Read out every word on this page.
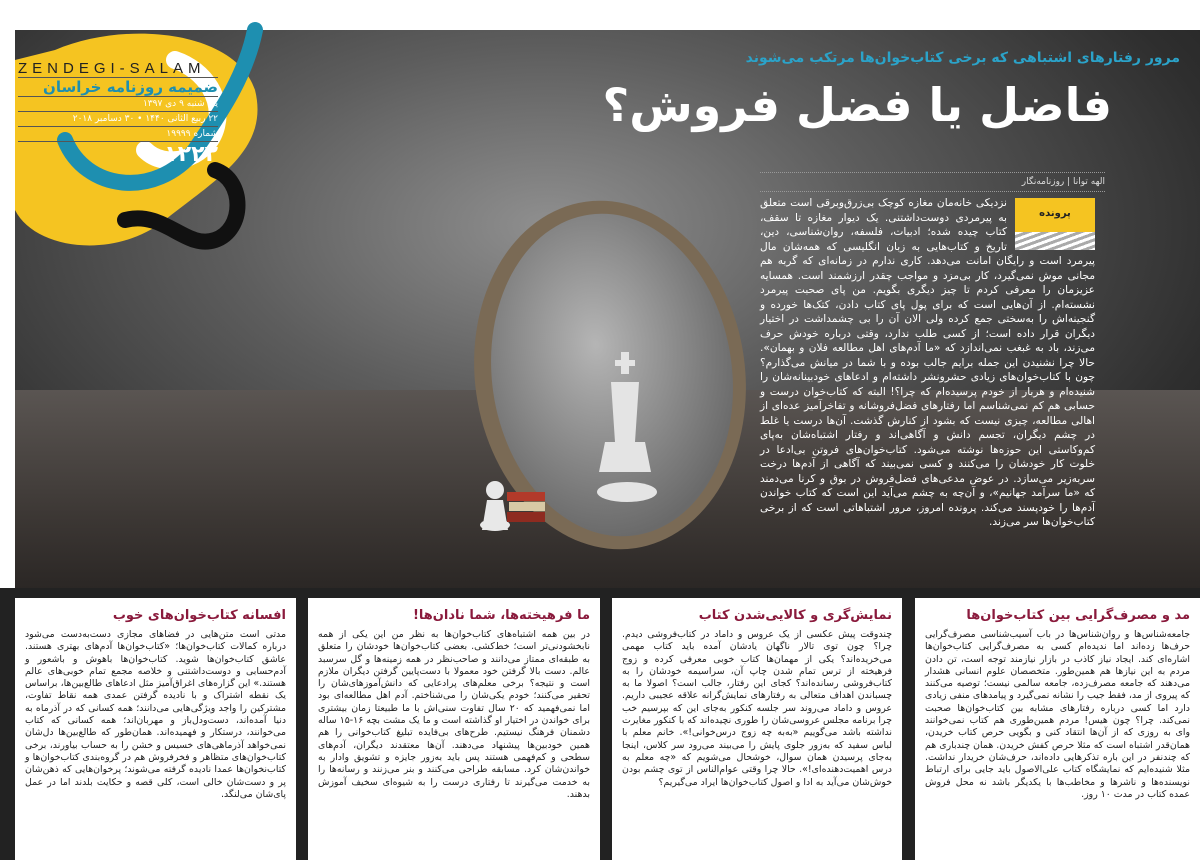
ZENDEGI-SALAM
ضمیمه روزنامه خراسان
یک شنبه ۹ دی ۱۳۹۷
۲۲ ربیع الثانی ۱۴۴۰ • ۳۰ دسامبر ۲۰۱۸
شماره ۱۹۹۹۹
۱۲۲۲
مرور رفتارهای اشتباهی که برخی کتاب‌خوان‌ها مرتکب می‌شوند
فاضل یا فضل فروش؟
الهه توانا | روزنامه‌نگار
پرونده
نزدیکی خانه‌مان مغازه کوچک بی‌زرق‌وبرقی است متعلق به پیرمردی دوست‌داشتنی. یک دیوار مغازه تا سقف، کتاب چیده شده؛ ادبیات، فلسفه، روان‌شناسی، دین، تاریخ و کتاب‌هایی به زبان انگلیسی که همه‌شان مال پیرمرد است و رایگان امانت می‌دهد. کاری ندارم در زمانه‌ای که گربه هم مجانی موش نمی‌گیرد، کار بی‌مزد و مواجب چقدر ارزشمند است. همسایه عزیزمان را معرفی کردم تا چیز دیگری بگویم. من پای صحبت پیرمرد نشسته‌ام. از آن‌هایی است که برای پول پای کتاب دادن، کتک‌ها خورده و گنجینه‌اش را به‌سختی جمع کرده ولی الان آن را بی چشمداشت در اختیار دیگران قرار داده است؛ از کسی طلب ندارد، وقتی درباره خودش حرف می‌زند، باد به غبغب نمی‌اندازد که «ما آدم‌های اهل مطالعه فلان و بهمان». حالا چرا نشنیدن این جمله برایم جالب بوده و با شما در میانش می‌گذارم؟ چون با کتاب‌خوان‌های زیادی حشرونشر داشته‌ام و ادعاهای خودبینانه‌شان را شنیده‌ام و هربار از خودم پرسیده‌ام که چرا؟! البته که کتاب‌خوان درست و حسابی هم کم نمی‌شناسم اما رفتارهای فضل‌فروشانه و تفاخرآمیز عده‌ای از اهالی مطالعه، چیزی نیست که بشود از کنارش گذشت. آن‌ها درست یا غلط در چشم دیگران، تجسم دانش و آگاهی‌اند و رفتار اشتباه‌شان به‌پای کم‌وکاستی این حوزه‌ها نوشته می‌شود. کتاب‌خوان‌های فروتن بی‌ادعا در خلوت کار خودشان را می‌کنند و کسی نمی‌بیند که آگاهی از آدم‌ها درخت سربه‌زیر می‌سازد. در عوض مدعی‌های فضل‌فروش در بوق و کرنا می‌دمند که «ما سرآمد جهانیم»، و آن‌چه به چشم می‌آید این است که کتاب خواندن آدم‌ها را خودپسند می‌کند. پرونده امروز، مرور اشتباهاتی است که از برخی کتاب‌خوان‌ها سر می‌زند.
مد و مصرف‌گرایی بین کتاب‌خوان‌ها

جامعه‌شناس‌ها و روان‌شناس‌ها در باب آسیب‌شناسی مصرف‌گرایی حرف‌ها زده‌اند اما ندیده‌ام کسی به مصرف‌گرایی کتاب‌خوان‌ها اشاره‌ای کند. ایجاد نیاز کاذب در بازار نیازمند توجه است، تن دادن مردم به این نیازها هم همین‌طور. متخصصان علوم انسانی هشدار می‌دهند که جامعه مصرف‌زده، جامعه سالمی نیست؛ توصیه می‌کنند که پیروی از مد، فقط جیب را نشانه نمی‌گیرد و پیامدهای منفی زیادی دارد اما کسی درباره رفتارهای مشابه بین کتاب‌خوان‌ها صحبت نمی‌کند. چرا؟ چون هیس! مردم همین‌طوری هم کتاب نمی‌خوانند وای به روزی که از آن‌ها انتقاد کنی و بگویی حرص کتاب خریدن، همان‌قدر اشتباه است که مثلا حرص کفش خریدن. همان چندباری هم که چندنفر در این باره تذکرهایی داده‌اند، حرف‌شان خریدار نداشت. مثلا شنیده‌ایم که نمایشگاه کتاب علی‌الاصول باید جایی برای ارتباط نویسنده‌ها و ناشرها و مخاطب‌ها با یکدیگر باشد نه محل فروش عمده کتاب در مدت ۱۰ روز.

نمایش‌گری و کالایی‌شدن کتاب

چندوقت پیش عکسی از یک عروس و داماد در کتاب‌فروشی دیدم. چرا؟ چون توی تالار ناگهان یادشان آمده باید کتاب مهمی می‌خریده‌اند؟ یکی از مهمان‌ها کتاب خوبی معرفی کرده و زوج فرهیخته از ترس تمام شدن چاپ آن، سراسیمه خودشان را به کتاب‌فروشی رسانده‌اند؟ کجای این رفتار، جالب است؟ اصولا ما به چسباندن اهداف متعالی به رفتارهای نمایش‌گرانه علاقه عجیبی داریم. عروس و داماد می‌روند سر جلسه کنکور به‌جای این که بپرسیم خب چرا برنامه مجلس عروسی‌شان را طوری نچیده‌اند که با کنکور مغایرت نداشته باشد می‌گوییم «به‌به چه زوج درس‌خوانی!». خانم معلم با لباس سفید که به‌زور جلوی پایش را می‌بیند می‌رود سر کلاس، اینجا به‌جای پرسیدن همان سوال، خوشحال می‌شویم که «چه معلم به درس اهمیت‌دهنده‌ای!». حالا چرا وقتی عوام‌الناس از توی چشم بودن خوش‌شان می‌آید به ادا و اصول کتاب‌خوان‌ها ایراد می‌گیریم؟

ما فرهیخته‌ها، شما نادان‌ها!

در بین همه اشتباه‌های کتاب‌خوان‌ها به نظر من این یکی از همه نابخشودنی‌تر است؛ خط‌کشی. بعضی کتاب‌خوان‌ها خودشان را متعلق به طبقه‌ای ممتاز می‌دانند و صاحب‌نظر در همه زمینه‌ها و گل سرسبد عالم. دست بالا گرفتن خود معمولا با دست‌پایین گرفتن دیگران ملازم است و نتیجه؟ برخی معلم‌های پرادعایی که دانش‌آموزهای‌شان را تحقیر می‌کنند؛ خودم یکی‌شان را می‌شناختم. آدم اهل مطالعه‌ای بود اما نمی‌فهمید که ۲۰ سال تفاوت سنی‌اش با ما طبیعتا زمان بیشتری برای خواندن در اختیار او گذاشته است و ما یک مشت بچه ۱۶-۱۵ ساله دشمنان فرهنگ نیستیم. طرح‌های بی‌فایده تبلیغ کتاب‌خوانی را هم همین خودبین‌ها پیشنهاد می‌دهند. آن‌ها معتقدند دیگران، آدم‌های سطحی و کم‌فهمی هستند پس باید به‌زور جایزه و تشویق وادار به خواندن‌شان کرد. مسابقه طراحی می‌کنند و بنر می‌زنند و رسانه‌ها را به خدمت می‌گیرند تا رفتاری درست را به شیوه‌ای سخیف آموزش بدهند.

افسانه کتاب‌خوان‌های خوب

مدتی است متن‌هایی در فضاهای مجازی دست‌به‌دست می‌شود درباره کمالات کتاب‌خوان‌ها؛ «کتاب‌خوان‌ها آدم‌های بهتری هستند. عاشق کتاب‌خوان‌ها شوید. کتاب‌خوان‌ها باهوش و باشعور و آدم‌حسابی و دوست‌داشتنی و خلاصه مجمع تمام خوبی‌های عالم هستند.» این گزاره‌های اغراق‌آمیز مثل ادعاهای طالع‌بین‌ها، براساس یک نقطه اشتراک و با نادیده گرفتن عمدی همه نقاط تفاوت، مشترکین را واجد ویژگی‌هایی می‌دانند؛ همه کسانی که در آذرماه به دنیا آمده‌اند، دست‌ودل‌باز و مهربان‌اند؛ همه کسانی که کتاب می‌خوانند، درستکار و فهمیده‌اند. همان‌طور که طالع‌بین‌ها دل‌شان نمی‌خواهد آذرماهی‌های خسیس و خشن را به حساب بیاورند، برخی کتاب‌خوان‌های متظاهر و فخرفروش هم در گروه‌بندی کتاب‌خوان‌ها و کتاب‌نخوان‌ها عمدا نادیده گرفته می‌شوند؛ پرخوان‌هایی که ذهن‌شان پر و دست‌شان خالی است، کلی قصه و حکایت بلدند اما در عمل پای‌شان می‌لنگد.
